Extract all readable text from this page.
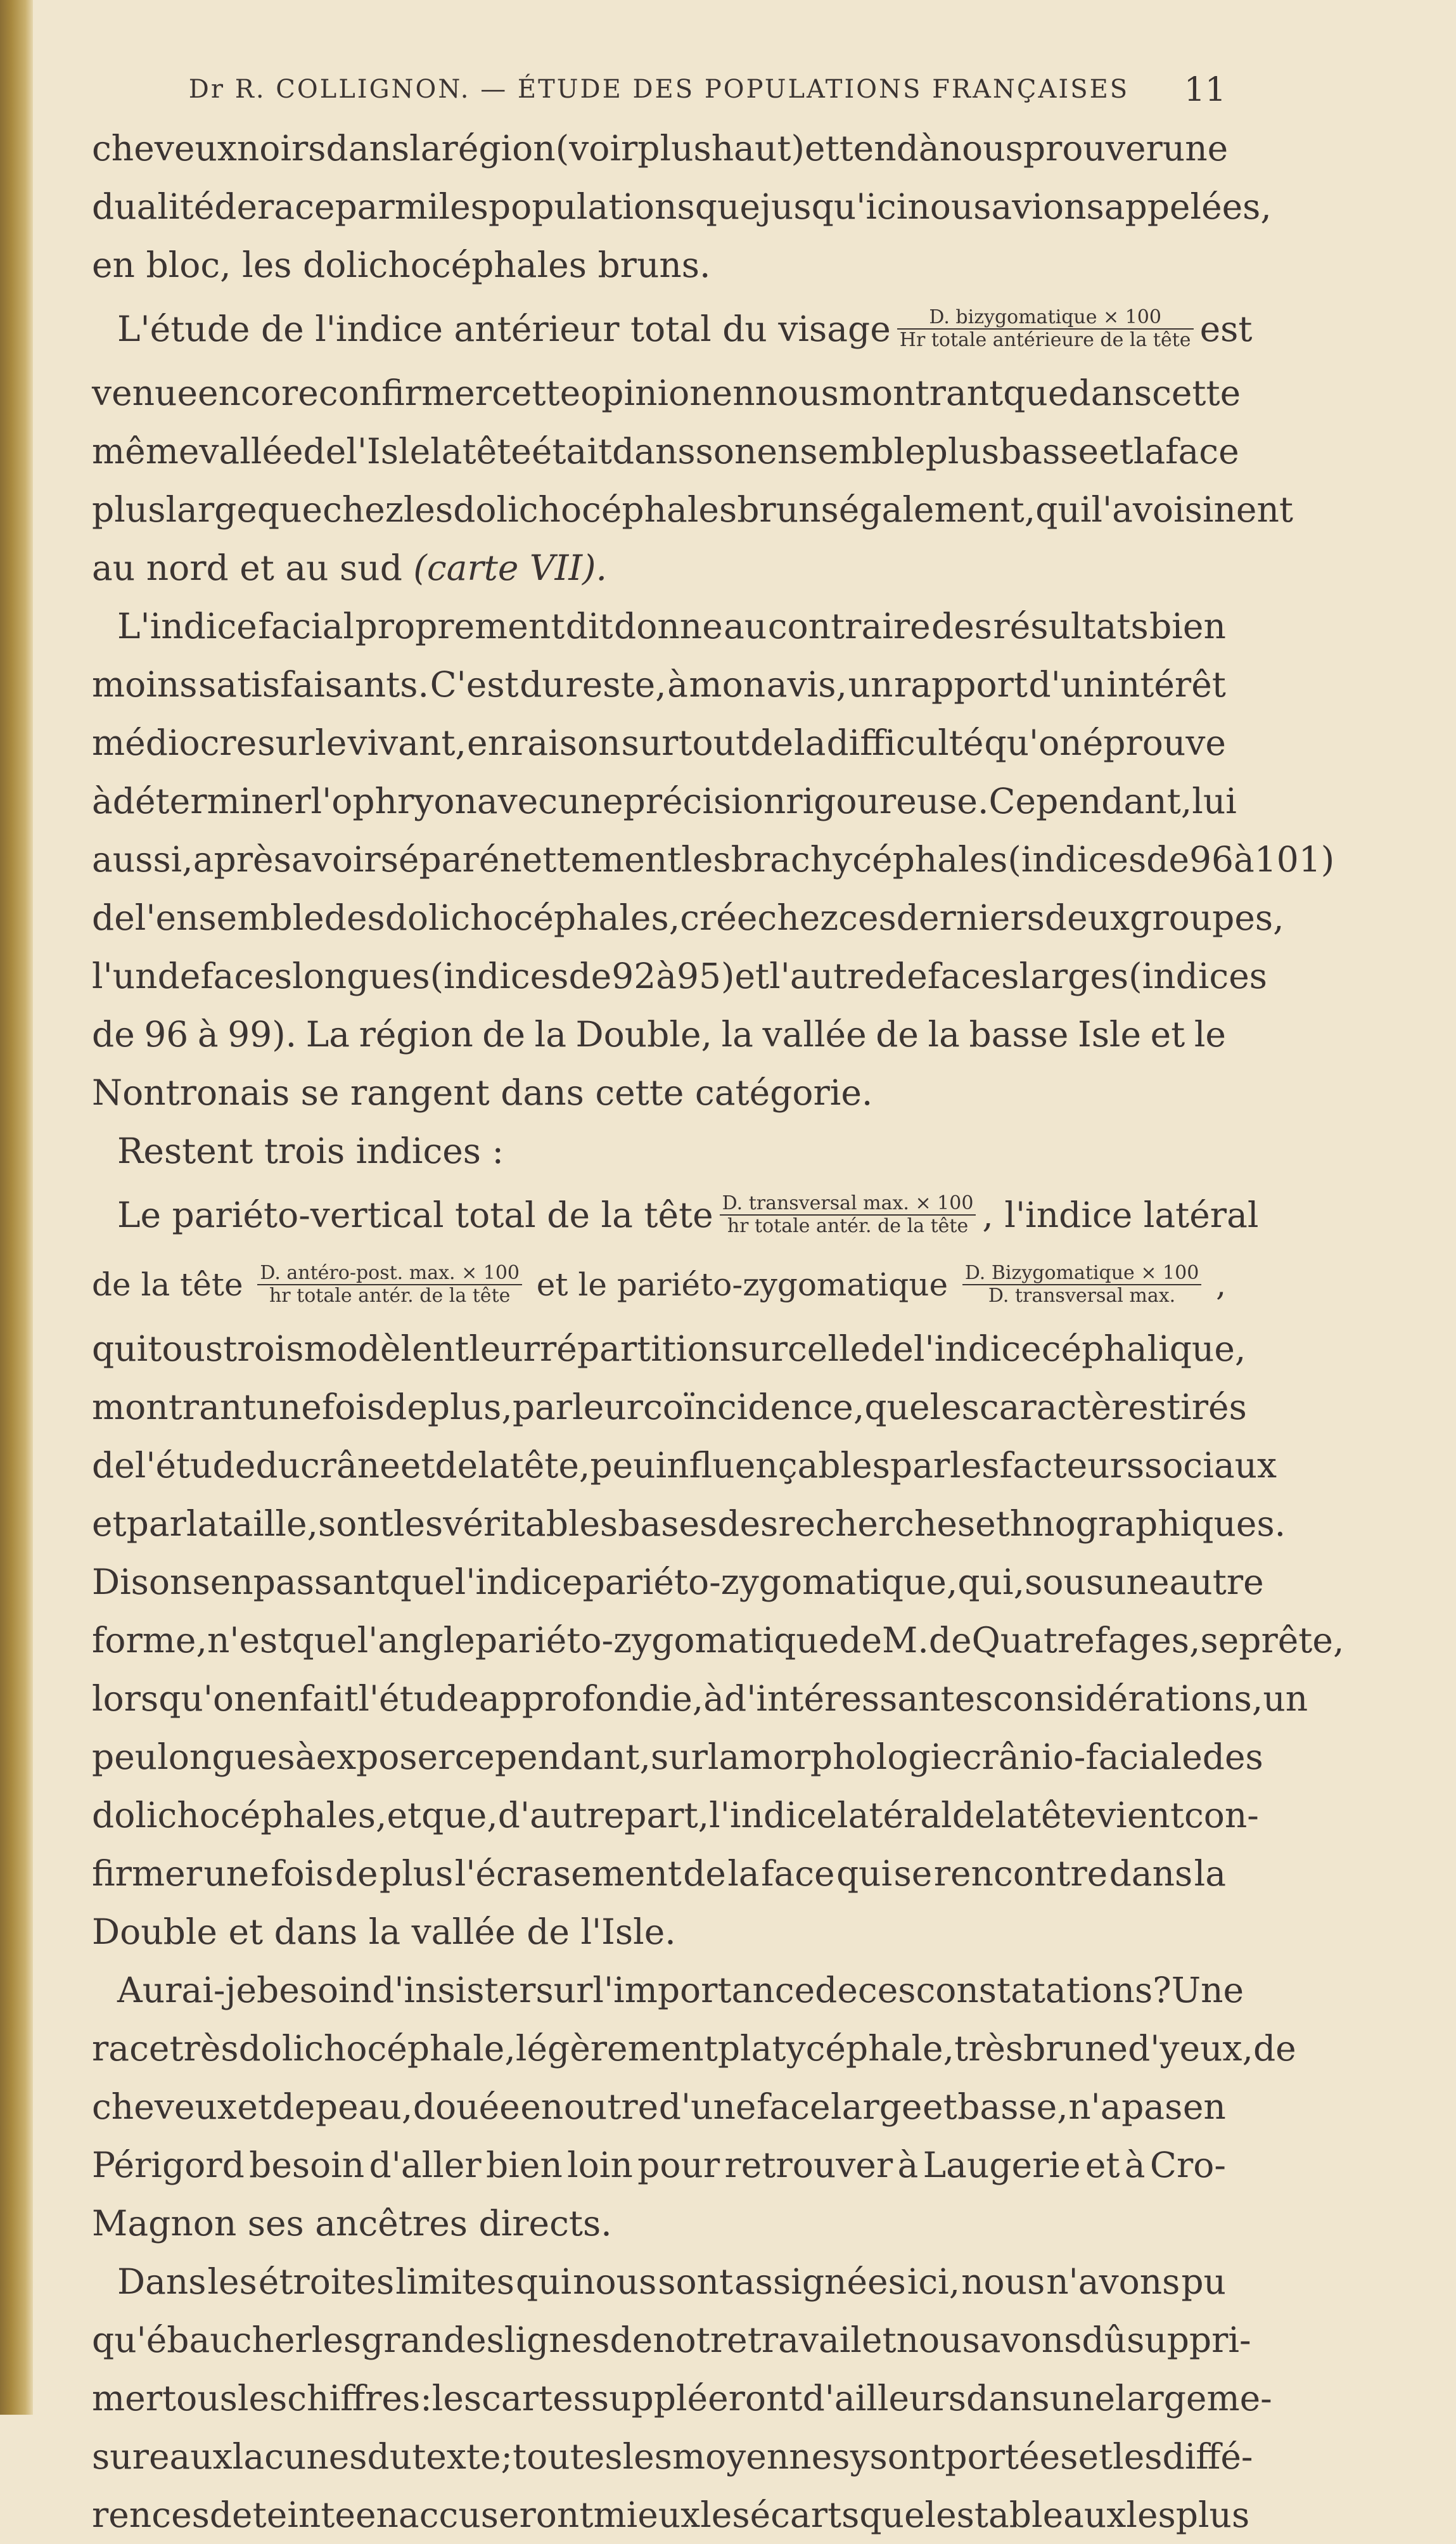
Dr R. COLLIGNON. — ÉTUDE DES POPULATIONS FRANÇAISES 11
cheveux noirs dans la région (voir plus haut) et tend à nous prouver une
dualité de race parmi les populations que jusqu'ici nous avions appelées,
en bloc, les dolichocéphales bruns.
L'étude de l'indice antérieur total du visage $\frac{\text{D. bizygomatique × 100}}{\text{Hr totale antérieure de la tête}}$ est
venue encore confirmer cette opinion en nous montrant que dans cette
même vallée de l'Isle la tête était dans son ensemble plus basse et la face
plus large que chez les dolichocéphales bruns également, qui l'avoisinent
au nord et au sud
(carte VII).
L'indice facial proprement dit donne au contraire des résultats bien
moins satisfaisants. C'est du reste, à mon avis, un rapport d'un intérêt
médiocre sur le vivant, en raison surtout de la difficulté qu'on éprouve
à déterminer l'ophryon avec une précision rigoureuse. Cependant, lui
aussi, après avoir séparé nettement les brachycéphales (indices de 96 à 101)
de l'ensemble des dolichocéphales, crée chez ces derniers deux groupes,
l'un de faces longues (indices de 92 à 95) et l'autre de faces larges (indices
de 96 à 99). La région de la Double, la vallée de la basse Isle et le
Nontronais se rangent dans cette catégorie.
Restent trois indices :
Le pariéto-vertical total de la tête $\frac{\text{D. transversal max. × 100}}{\text{hr totale antér. de la tête}}$ , l'indice latéral
de la tête $\frac{\text{D. antéro-post. max. × 100}}{\text{hr totale antér. de la tête}}$ et le pariéto-zygomatique $\frac{\text{D. Bizygomatique × 100}}{\text{D. transversal max.}}$ ,
qui tous trois modèlent leur répartition sur celle de l'indice céphalique,
montrant une fois de plus, par leur coïncidence, que les caractères tirés
de l'étude du crâne et de la tête, peu influençables par les facteurs sociaux
et par la taille, sont les véritables bases des recherches ethnographiques.
Disons en passant que l'indice pariéto-zygomatique, qui, sous une autre
forme, n'est que l'angle pariéto-zygomatique de M. de Quatrefages, se prête,
lorsqu'on en fait l'étude approfondie, à d'intéressantes considérations, un
peu longues à exposer cependant, sur la morphologie crânio-faciale des
dolichocéphales, et que, d'autre part, l'indice latéral de la tête vient con-
firmer une fois de plus l'écrasement de la face qui se rencontre dans la
Double et dans la vallée de l'Isle.
Aurai-je besoin d'insister sur l'importance de ces constatations? Une
race très dolichocéphale, légèrement platycéphale, très brune d'yeux, de
cheveux et de peau, douée en outre d'une face large et basse, n'a pas en
Périgord besoin d'aller bien loin pour retrouver à Laugerie et à Cro-
Magnon ses ancêtres directs.
Dans les étroites limites qui nous sont assignées ici, nous n'avons pu
qu'ébaucher les grandes lignes de notre travail et nous avons dû suppri-
mer tous les chiffres : les cartes suppléeront d'ailleurs dans une large me-
sure aux lacunes du texte ; toutes les moyennes y sont portées et les diffé-
rences de teinte en accuseront mieux les écarts que les tableaux les plus
